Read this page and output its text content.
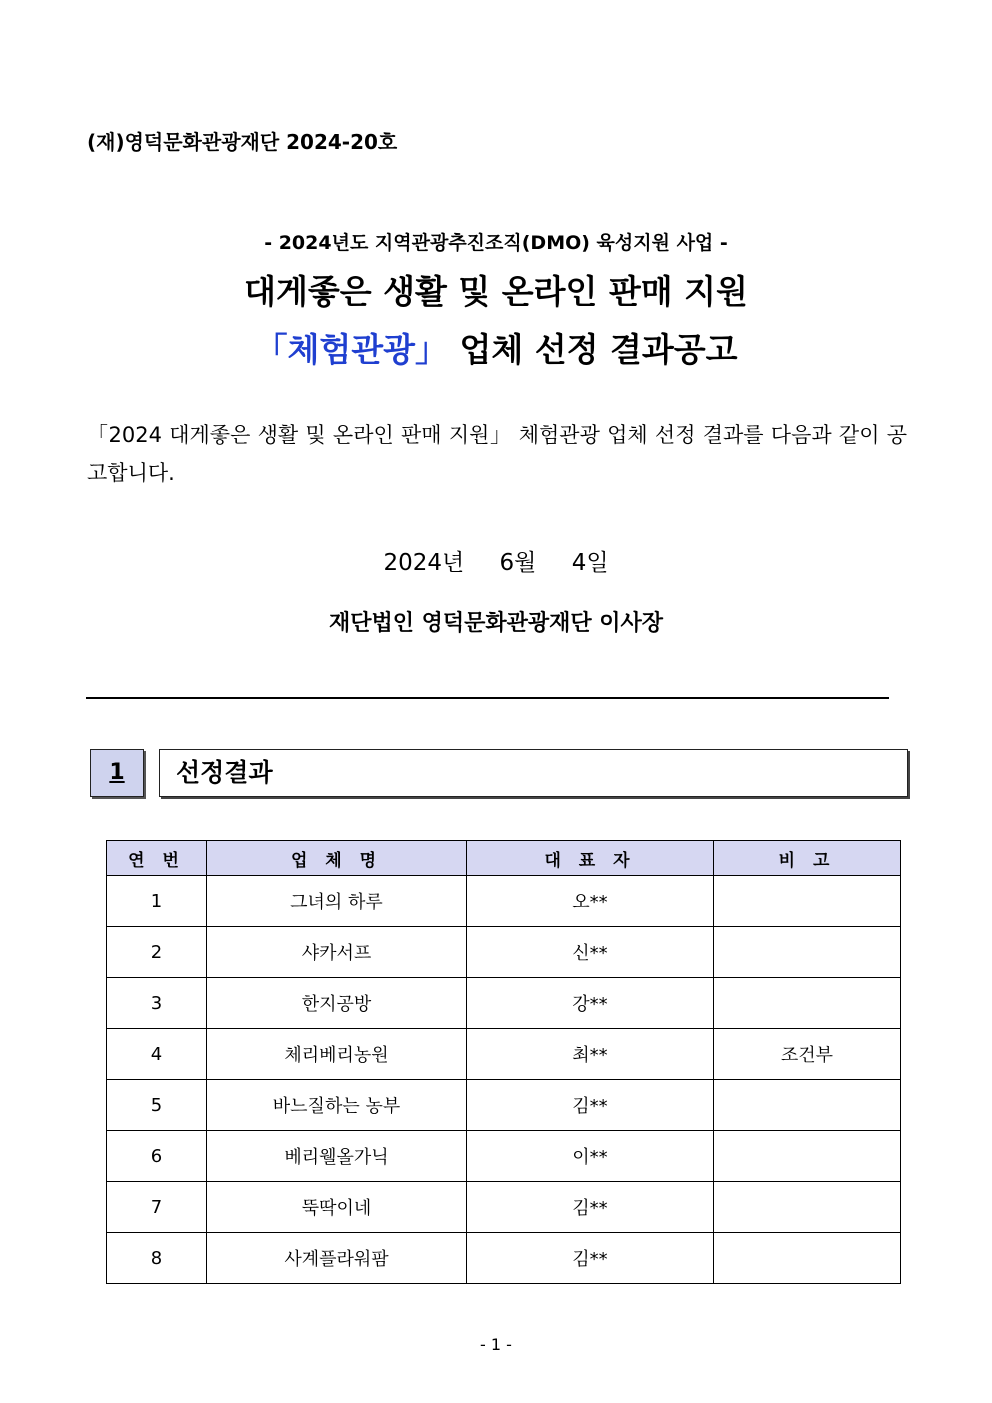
(재)영덕문화관광재단 2024-20호
- 2024년도 지역관광추진조직(DMO) 육성지원 사업 -
대게좋은 생활 및 온라인 판매 지원
「체험관광」 업체 선정 결과공고
「2024 대게좋은 생활 및 온라인 판매 지원」 체험관광 업체 선정 결과를 다음과 같이 공고합니다.
2024년 6월 4일
재단법인 영덕문화관광재단 이사장
1	선정결과
연 번	업 체 명	대 표 자	비 고
1	그녀의 하루	오**	
2	샤카서프	신**	
3	한지공방	강**	
4	체리베리농원	최**	조건부
5	바느질하는 농부	김**	
6	베리웰올가닉	이**	
7	뚝딱이네	김**	
8	사계플라워팜	김**	
- 1 -
